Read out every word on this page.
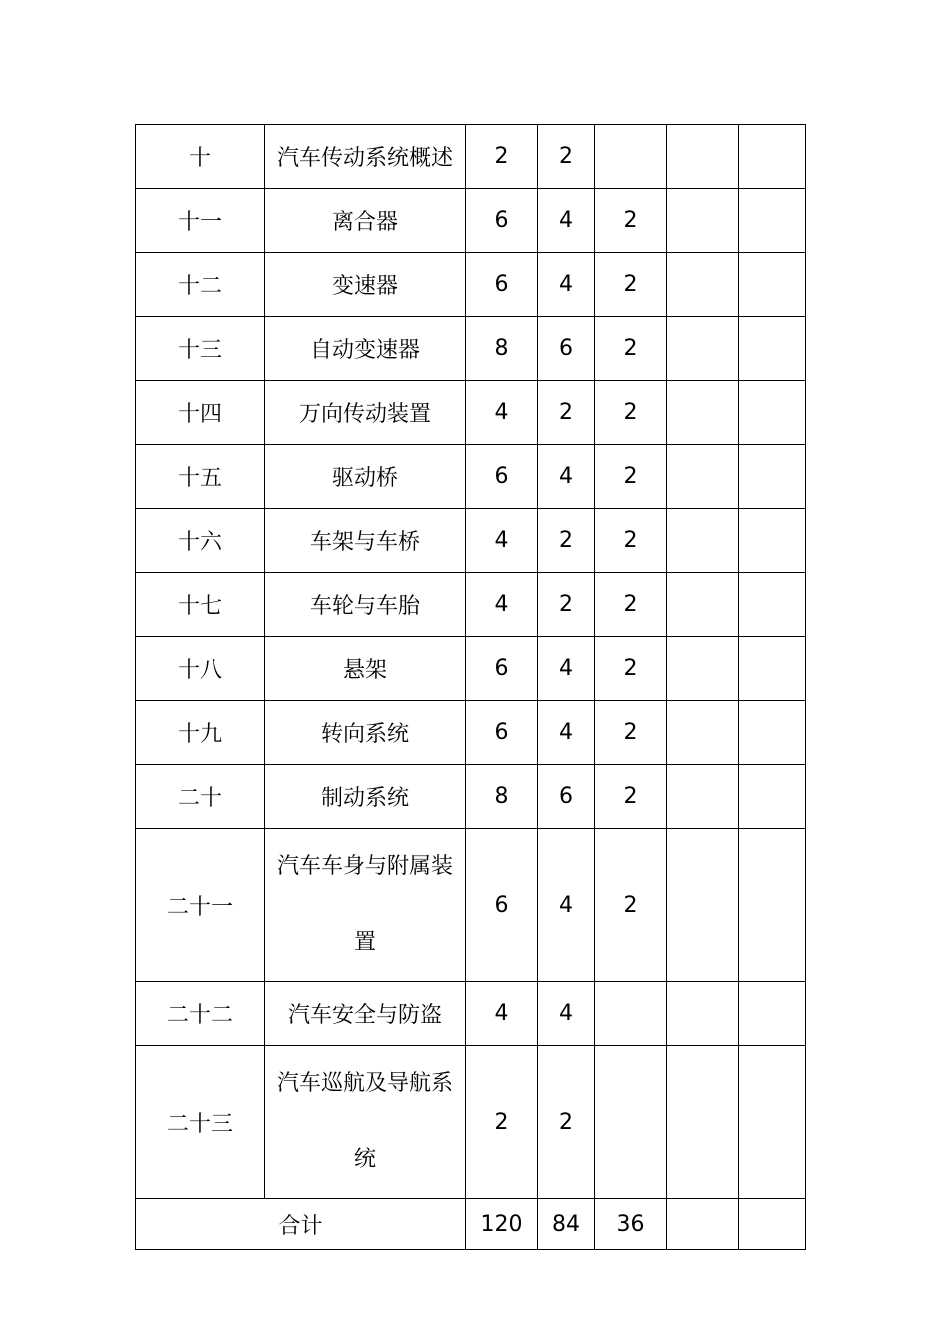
十	汽车传动系统概述	2	2			
十一	离合器	6	4	2		
十二	变速器	6	4	2		
十三	自动变速器	8	6	2		
十四	万向传动装置	4	2	2		
十五	驱动桥	6	4	2		
十六	车架与车桥	4	2	2		
十七	车轮与车胎	4	2	2		
十八	悬架	6	4	2		
十九	转向系统	6	4	2		
二十	制动系统	8	6	2		
二十一	汽车车身与附属装置	6	4	2		
二十二	汽车安全与防盗	4	4			
二十三	汽车巡航及导航系统	2	2			
合计		120	84	36		
